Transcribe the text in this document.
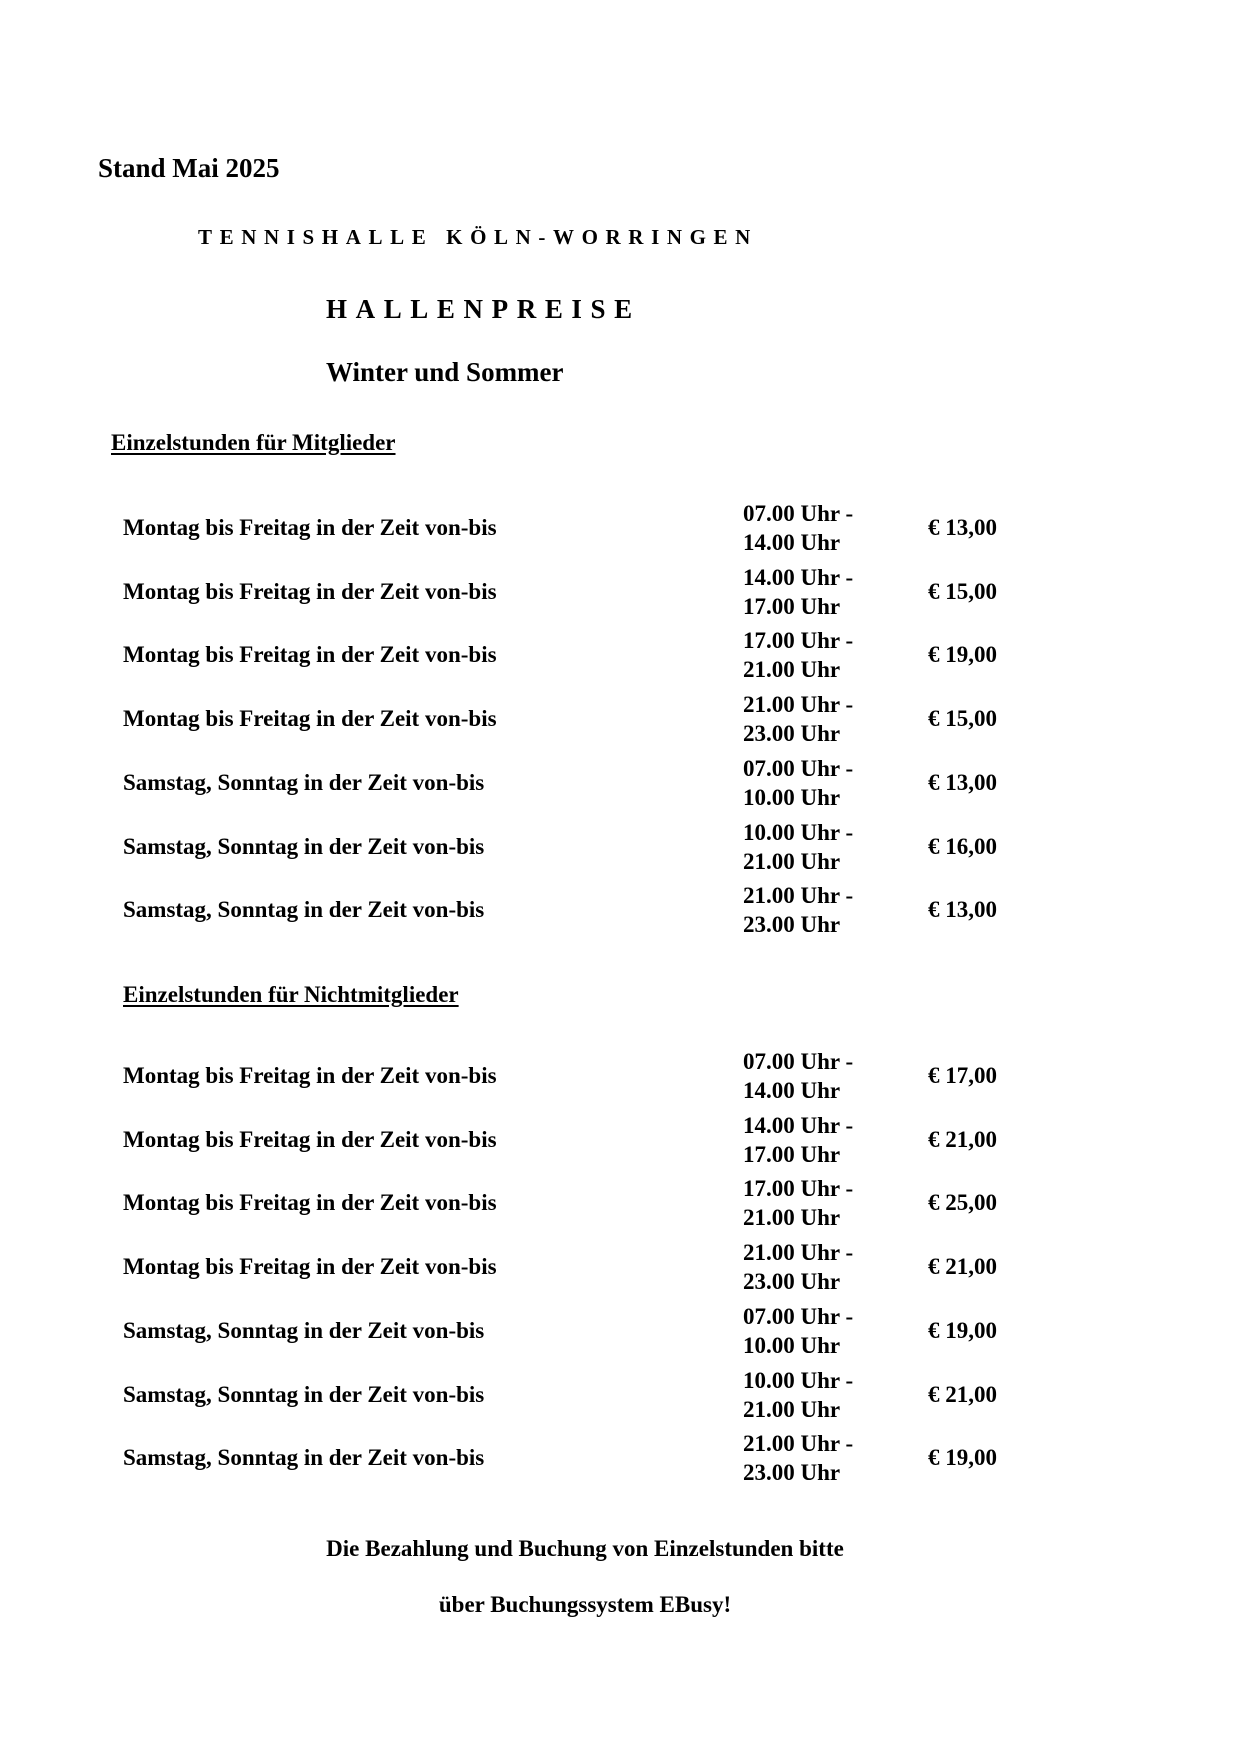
Stand Mai 2025
TENNISHALLE KÖLN-WORRINGEN
HALLENPREISE
Winter und Sommer
Einzelstunden für Mitglieder
Montag bis Freitag in der Zeit von-bis
07.00 Uhr -
14.00 Uhr
€ 13,00
Montag bis Freitag in der Zeit von-bis
14.00 Uhr -
17.00 Uhr
€ 15,00
Montag bis Freitag in der Zeit von-bis
17.00 Uhr -
21.00 Uhr
€ 19,00
Montag bis Freitag in der Zeit von-bis
21.00 Uhr -
23.00 Uhr
€ 15,00
Samstag, Sonntag in der Zeit von-bis
07.00 Uhr -
10.00 Uhr
€ 13,00
Samstag, Sonntag in der Zeit von-bis
10.00 Uhr -
21.00 Uhr
€ 16,00
Samstag, Sonntag in der Zeit von-bis
21.00 Uhr -
23.00 Uhr
€ 13,00
Einzelstunden für Nichtmitglieder
Montag bis Freitag in der Zeit von-bis
07.00 Uhr -
14.00 Uhr
€ 17,00
Montag bis Freitag in der Zeit von-bis
14.00 Uhr -
17.00 Uhr
€ 21,00
Montag bis Freitag in der Zeit von-bis
17.00 Uhr -
21.00 Uhr
€ 25,00
Montag bis Freitag in der Zeit von-bis
21.00 Uhr -
23.00 Uhr
€ 21,00
Samstag, Sonntag in der Zeit von-bis
07.00 Uhr -
10.00 Uhr
€ 19,00
Samstag, Sonntag in der Zeit von-bis
10.00 Uhr -
21.00 Uhr
€ 21,00
Samstag, Sonntag in der Zeit von-bis
21.00 Uhr -
23.00 Uhr
€ 19,00
Die Bezahlung und Buchung von Einzelstunden bitte
über Buchungssystem EBusy!
